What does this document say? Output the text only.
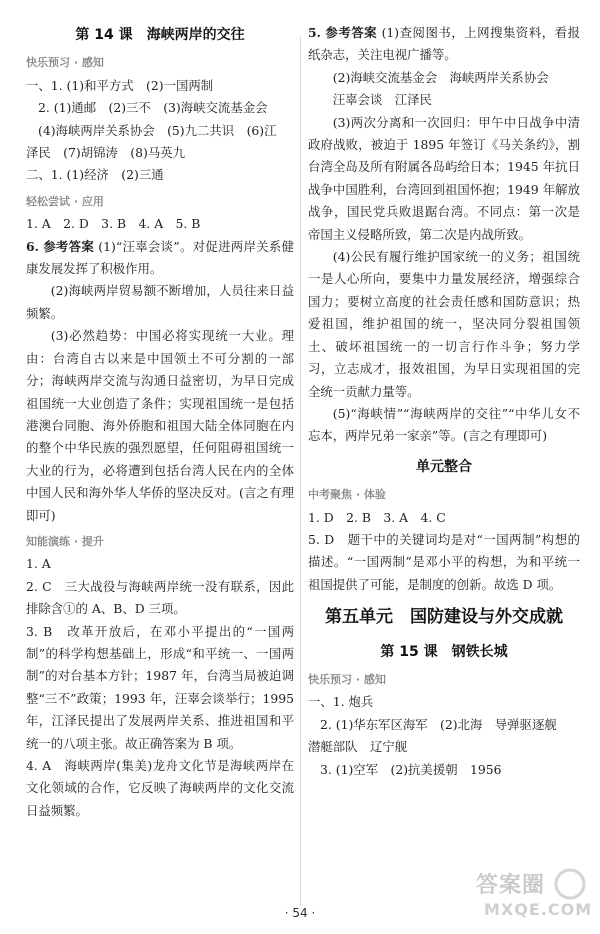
第 14 课　海峡两岸的交往
快乐预习 · 感知
一、1. (1)和平方式　(2)一国两制
2. (1)通邮　(2)三不　(3)海峡交流基金会
(4)海峡两岸关系协会　(5)九二共识　(6)江
泽民　(7)胡锦涛　(8)马英九
二、1. (1)经济　(2)三通
轻松尝试 · 应用
1. A　2. D　3. B　4. A　5. B

6. 参考答案 (1)“汪辜会谈”。对促进两岸关系健康发展发挥了积极作用。

(2)海峡两岸贸易额不断增加，人员往来日益频繁。

(3)必然趋势：中国必将实现统一大业。理由：台湾自古以来是中国领土不可分割的一部分；海峡两岸交流与沟通日益密切，为早日完成祖国统一大业创造了条件；实现祖国统一是包括港澳台同胞、海外侨胞和祖国大陆全体同胞在内的整个中华民族的强烈愿望，任何阻碍祖国统一大业的行为，必将遭到包括台湾人民在内的全体中国人民和海外华人华侨的坚决反对。(言之有理即可)

知能演练 · 提升
1. A

2. C　三大战役与海峡两岸统一没有联系，因此排除含①的 A、B、D 三项。

3. B　改革开放后，在邓小平提出的“一国两制”的科学构想基础上，形成“和平统一、一国两制”的对台基本方针；1987 年，台湾当局被迫调整“三不”政策；1993 年，汪辜会谈举行；1995 年，江泽民提出了发展两岸关系、推进祖国和平统一的八项主张。故正确答案为 B 项。

4. A　海峡两岸(集美)龙舟文化节是海峡两岸在文化领域的合作，它反映了海峡两岸的文化交流日益频繁。

5. 参考答案 (1)查阅图书，上网搜集资料，看报纸杂志，关注电视广播等。

(2)海峡交流基金会　海峡两岸关系协会

汪辜会谈　江泽民

(3)两次分离和一次回归：甲午中日战争中清政府战败，被迫于 1895 年签订《马关条约》，割台湾全岛及所有附属各岛屿给日本；1945 年抗日战争中国胜利，台湾回到祖国怀抱；1949 年解放战争，国民党兵败退踞台湾。不同点：第一次是帝国主义侵略所致，第二次是内战所致。

(4)公民有履行维护国家统一的义务；祖国统一是人心所向，要集中力量发展经济，增强综合国力；要树立高度的社会责任感和国防意识；热爱祖国，维护祖国的统一，坚决同分裂祖国领土、破坏祖国统一的一切言行作斗争；努力学习，立志成才，报效祖国，为早日实现祖国的完全统一贡献力量等。

(5)“海峡情”“海峡两岸的交往”“中华儿女不忘本，两岸兄弟一家亲”等。(言之有理即可)

单元整合
中考聚焦 · 体验
1. D　2. B　3. A　4. C

5. D　题干中的关键词均是对“一国两制”构想的描述。“一国两制”是邓小平的构想，为和平统一祖国提供了可能，是制度的创新。故选 D 项。

第五单元　国防建设与外交成就
第 15 课　钢铁长城
快乐预习 · 感知
一、1. 炮兵
2. (1)华东军区海军　(2)北海　导弹驱逐舰
潜艇部队　辽宁舰
3. (1)空军　(2)抗美援朝　1956
· 54 ·
答案圈
MXQE.COM
